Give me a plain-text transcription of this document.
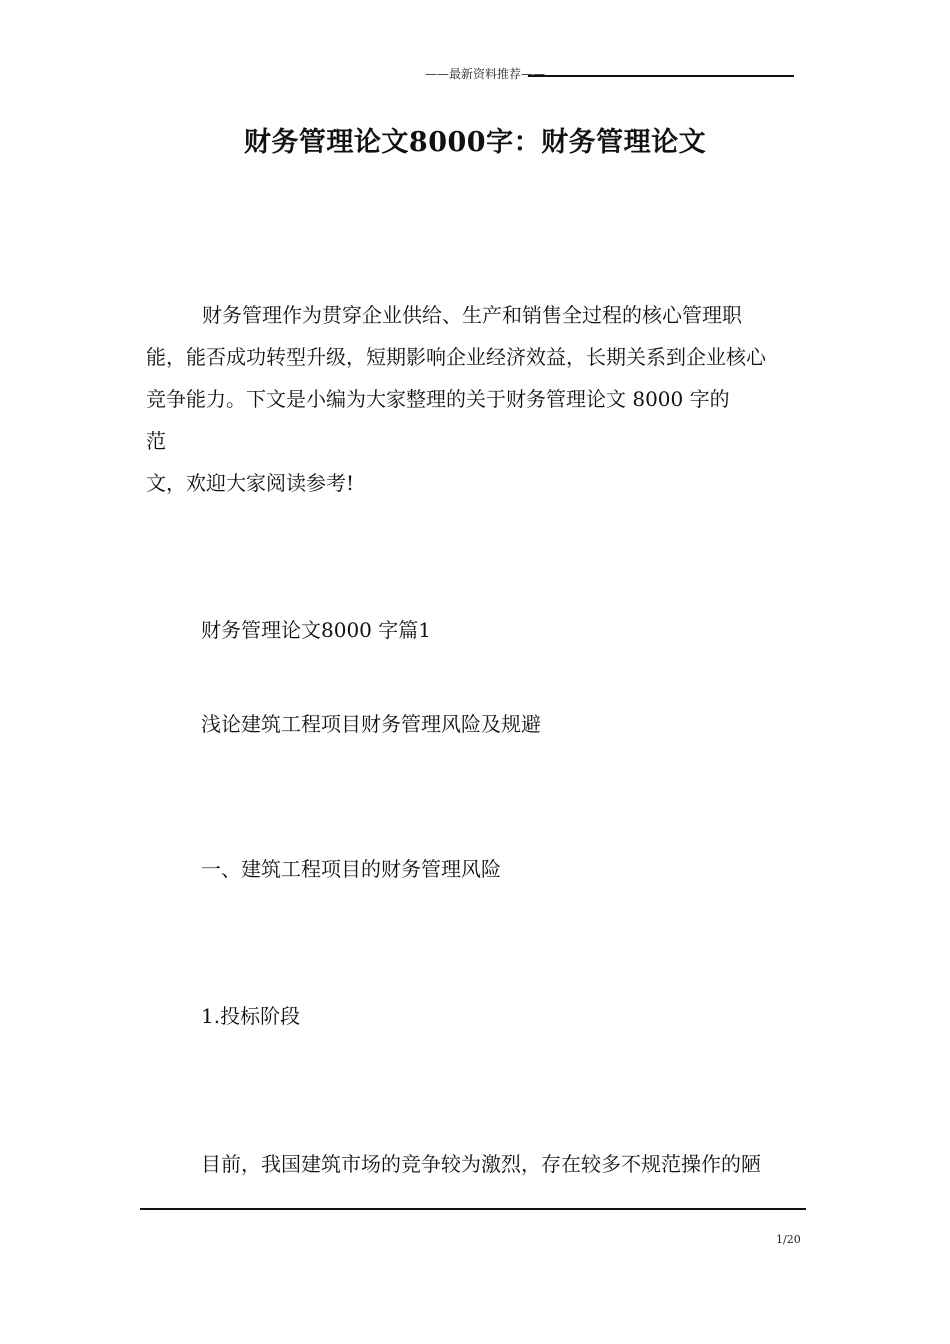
——最新资料推荐——
财务管理论文8000字：财务管理论文
财务管理作为贯穿企业供给、生产和销售全过程的核心管理职
能，能否成功转型升级，短期影响企业经济效益，长期关系到企业核心
竞争能力。下文是小编为大家整理的关于财务管理论文 8000 字的
范
文，欢迎大家阅读参考!
财务管理论文8000 字篇1
浅论建筑工程项目财务管理风险及规避
一、建筑工程项目的财务管理风险
1.投标阶段
目前，我国建筑市场的竞争较为激烈，存在较多不规范操作的陋
1/20
